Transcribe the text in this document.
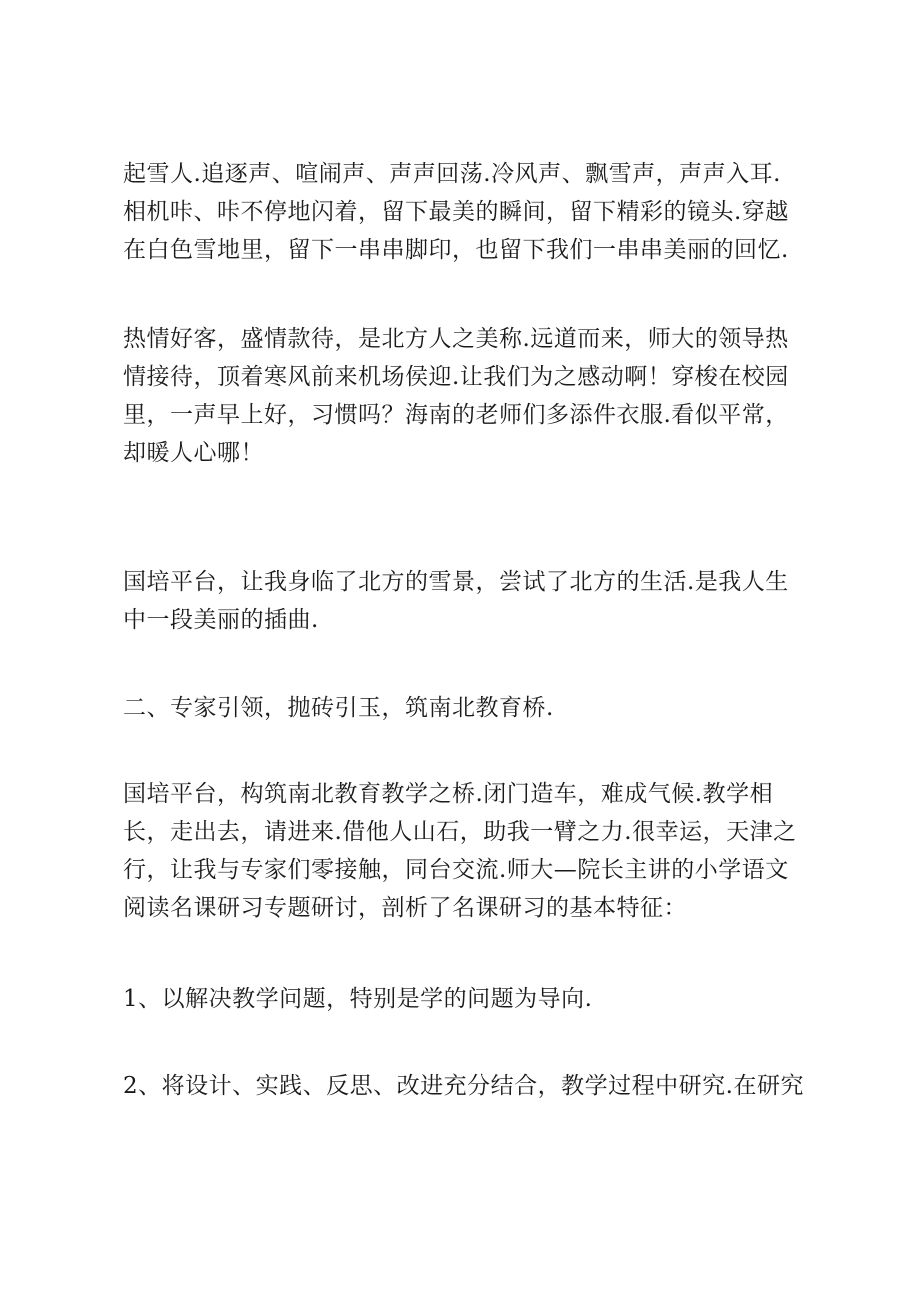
起雪人.追逐声、喧闹声、声声回荡.冷风声、飘雪声，声声入耳.
相机咔、咔不停地闪着，留下最美的瞬间，留下精彩的镜头.穿越
在白色雪地里，留下一串串脚印，也留下我们一串串美丽的回忆.
热情好客，盛情款待，是北方人之美称.远道而来，师大的领导热
情接待，顶着寒风前来机场侯迎.让我们为之感动啊！穿梭在校园
里，一声早上好，习惯吗？海南的老师们多添件衣服.看似平常，
却暖人心哪！
国培平台，让我身临了北方的雪景，尝试了北方的生活.是我人生
中一段美丽的插曲.
二、专家引领，抛砖引玉，筑南北教育桥.
国培平台，构筑南北教育教学之桥.闭门造车，难成气候.教学相
长，走出去，请进来.借他人山石，助我一臂之力.很幸运，天津之
行，让我与专家们零接触，同台交流.师大—院长主讲的小学语文
阅读名课研习专题研讨，剖析了名课研习的基本特征：
1、以解决教学问题，特别是学的问题为导向.
2、将设计、实践、反思、改进充分结合，教学过程中研究.在研究
